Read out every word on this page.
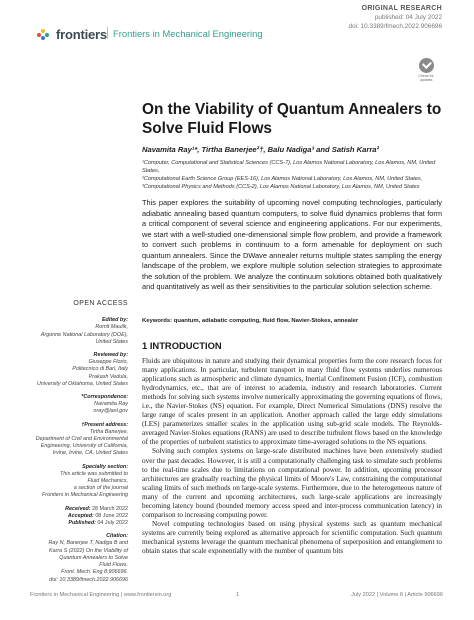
frontiers Frontiers in Mechanical Engineering
ORIGINAL RESEARCH
published: 04 July 2022
doi: 10.3389/fmech.2022.906696
Check for updates
On the Viability of Quantum Annealers to Solve Fluid Flows
Navamita Ray¹*, Tirtha Banerjee²†, Balu Nadiga³ and Satish Karra²
¹Computer, Computational and Statistical Sciences (CCS-7), Los Alamos National Laboratory, Los Alamos, NM, United States,
²Computational Earth Science Group (EES-16), Los Alamos National Laboratory, Los Alamos, NM, United States,
³Computational Physics and Methods (CCS-2), Los Alamos National Laboratory, Los Alamos, NM, United States
This paper explores the suitability of upcoming novel computing technologies, particularly adiabatic annealing based quantum computers, to solve fluid dynamics problems that form a critical component of several science and engineering applications. For our experiments, we start with a well-studied one-dimensional simple flow problem, and provide a framework to convert such problems in continuum to a form amenable for deployment on such quantum annealers. Since the DWave annealer returns multiple states sampling the energy landscape of the problem, we explore multiple solution selection strategies to approximate the solution of the problem. We analyze the continuum solutions obtained both qualitatively and quantitatively as well as their sensitivities to the particular solution selection scheme.
Keywords: quantum, adiabatic computing, fluid flow, Navier-Stokes, annealer
OPEN ACCESS
Edited by:
Romit Maulik,
Argonne National Laboratory (DOE),
United States
Reviewed by:
Giuseppe Florio,
Politecnico di Bari, Italy
Prakash Vedula,
University of Oklahoma, United States
*Correspondence:
Navamita Ray
nray@lanl.gov
†Present address:
Tirtha Banerjee,
Department of Civil and Environmental
Engineering, University of California,
Irvine, Irvine, CA, United States
Specialty section:
This article was submitted to
Fluid Mechanics,
a section of the journal
Frontiers in Mechanical Engineering
Received: 28 March 2022
Accepted: 08 June 2022
Published: 04 July 2022
Citation:
Ray N, Banerjee T, Nadiga B and
Karra S (2022) On the Viability of
Quantum Annealers to Solve
Fluid Flows.
Front. Mech. Eng 8:906696.
doi: 10.3389/fmech.2022.906696
1 INTRODUCTION

Fluids are ubiquitous in nature and studying their dynamical properties form the core research focus for many applications. In particular, turbulent transport in many fluid flow systems underlies numerous applications such as atmospheric and climate dynamics, Inertial Confinement Fusion (ICF), combustion hydrodynamics, etc., that are of interest to academia, industry and research laboratories. Current methods for solving such systems involve numerically approximating the governing equations of flows, i.e., the Navier-Stokes (NS) equation. For example, Direct Numerical Simulations (DNS) resolve the large range of scales present in an application. Another approach called the large eddy simulations (LES) parameterizes smaller scales in the application using sub-grid scale models. The Reynolds-averaged Navier-Stokes equations (RANS) are used to describe turbulent flows based on the knowledge of the properties of turbulent statistics to approximate time-averaged solutions to the NS equations.

Solving such complex systems on large-scale distributed machines have been extensively studied over the past decades. However, it is still a computationally challenging task to simulate such problems to the real-time scales due to limitations on computational power. In addition, upcoming processor architectures are gradually reaching the physical limits of Moore's Law, constraining the computational scaling limits of such methods on large-scale systems. Furthermore, due to the heterogeneous nature of many of the current and upcoming architectures, such large-scale applications are increasingly becoming latency bound (bounded memory access speed and inter-process communication latency) in comparison to increasing computing power.

Novel computing technologies based on using physical systems such as quantum mechanical systems are currently being explored as alternative approach for scientific computation. Such quantum mechanical systems leverage the quantum mechanical phenomena of superposition and entanglement to obtain states that scale exponentially with the number of quantum bits

Frontiers in Mechanical Engineering | www.frontiersin.org	1	July 2022 | Volume 8 | Article 906696
